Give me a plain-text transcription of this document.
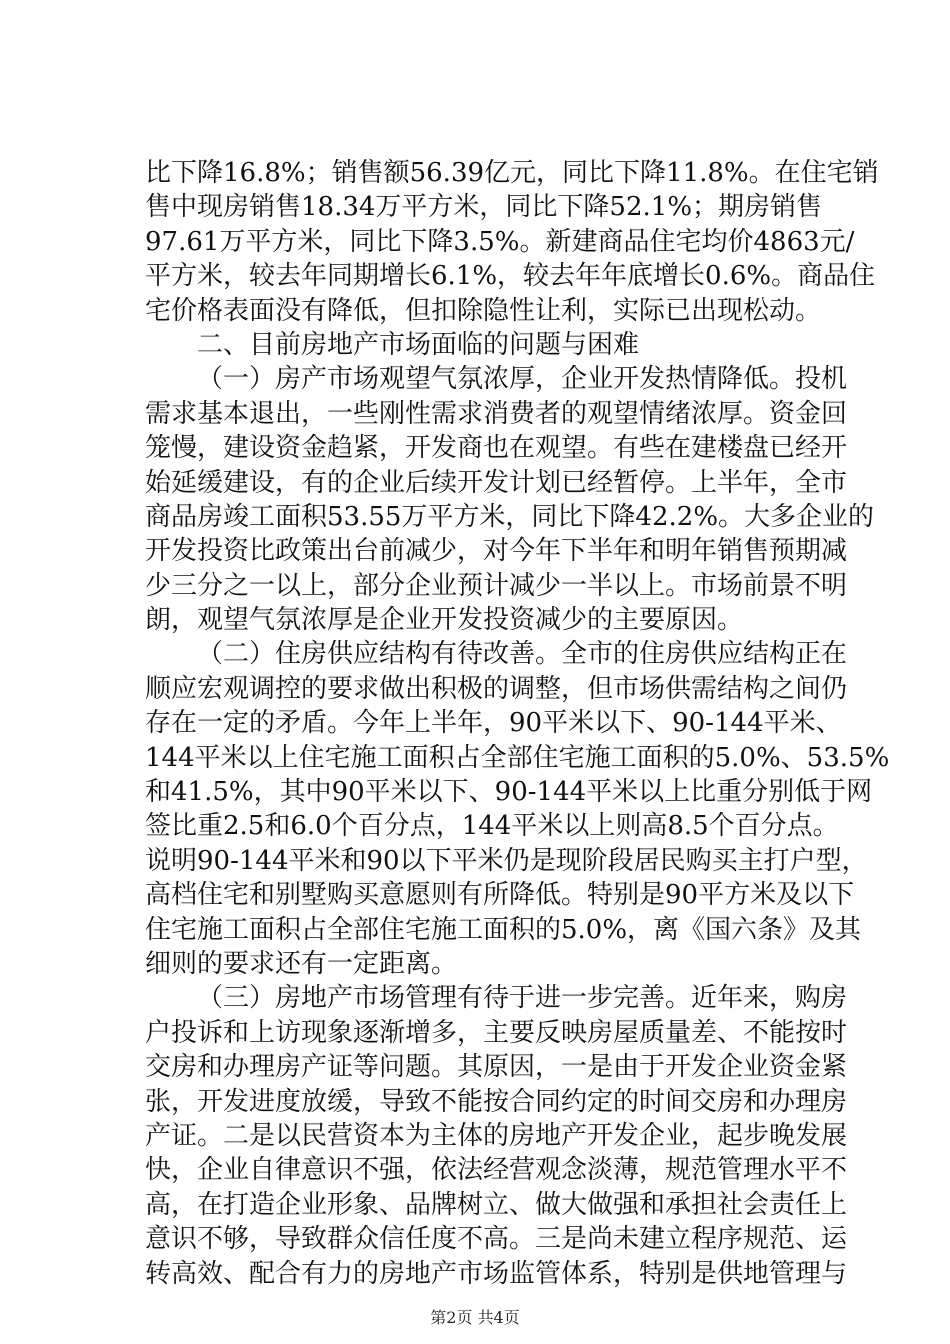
比下降16.8%；销售额56.39亿元，同比下降11.8%。在住宅销
售中现房销售18.34万平方米，同比下降52.1%；期房销售
97.61万平方米，同比下降3.5%。新建商品住宅均价4863元/
平方米，较去年同期增长6.1%，较去年年底增长0.6%。商品住
宅价格表面没有降低，但扣除隐性让利，实际已出现松动。
二、目前房地产市场面临的问题与困难
（一）房产市场观望气氛浓厚，企业开发热情降低。投机
需求基本退出，一些刚性需求消费者的观望情绪浓厚。资金回
笼慢，建设资金趋紧，开发商也在观望。有些在建楼盘已经开
始延缓建设，有的企业后续开发计划已经暂停。上半年，全市
商品房竣工面积53.55万平方米，同比下降42.2%。大多企业的
开发投资比政策出台前减少，对今年下半年和明年销售预期减
少三分之一以上，部分企业预计减少一半以上。市场前景不明
朗，观望气氛浓厚是企业开发投资减少的主要原因。
（二）住房供应结构有待改善。全市的住房供应结构正在
顺应宏观调控的要求做出积极的调整，但市场供需结构之间仍
存在一定的矛盾。今年上半年，90平米以下、90-144平米、
144平米以上住宅施工面积占全部住宅施工面积的5.0%、53.5%
和41.5%，其中90平米以下、90-144平米以上比重分别低于网
签比重2.5和6.0个百分点，144平米以上则高8.5个百分点。
说明90-144平米和90以下平米仍是现阶段居民购买主打户型，
高档住宅和别墅购买意愿则有所降低。特别是90平方米及以下
住宅施工面积占全部住宅施工面积的5.0%，离《国六条》及其
细则的要求还有一定距离。
（三）房地产市场管理有待于进一步完善。近年来，购房
户投诉和上访现象逐渐增多，主要反映房屋质量差、不能按时
交房和办理房产证等问题。其原因，一是由于开发企业资金紧
张，开发进度放缓，导致不能按合同约定的时间交房和办理房
产证。二是以民营资本为主体的房地产开发企业，起步晚发展
快，企业自律意识不强，依法经营观念淡薄，规范管理水平不
高，在打造企业形象、品牌树立、做大做强和承担社会责任上
意识不够，导致群众信任度不高。三是尚未建立程序规范、运
转高效、配合有力的房地产市场监管体系，特别是供地管理与
第2页 共4页
